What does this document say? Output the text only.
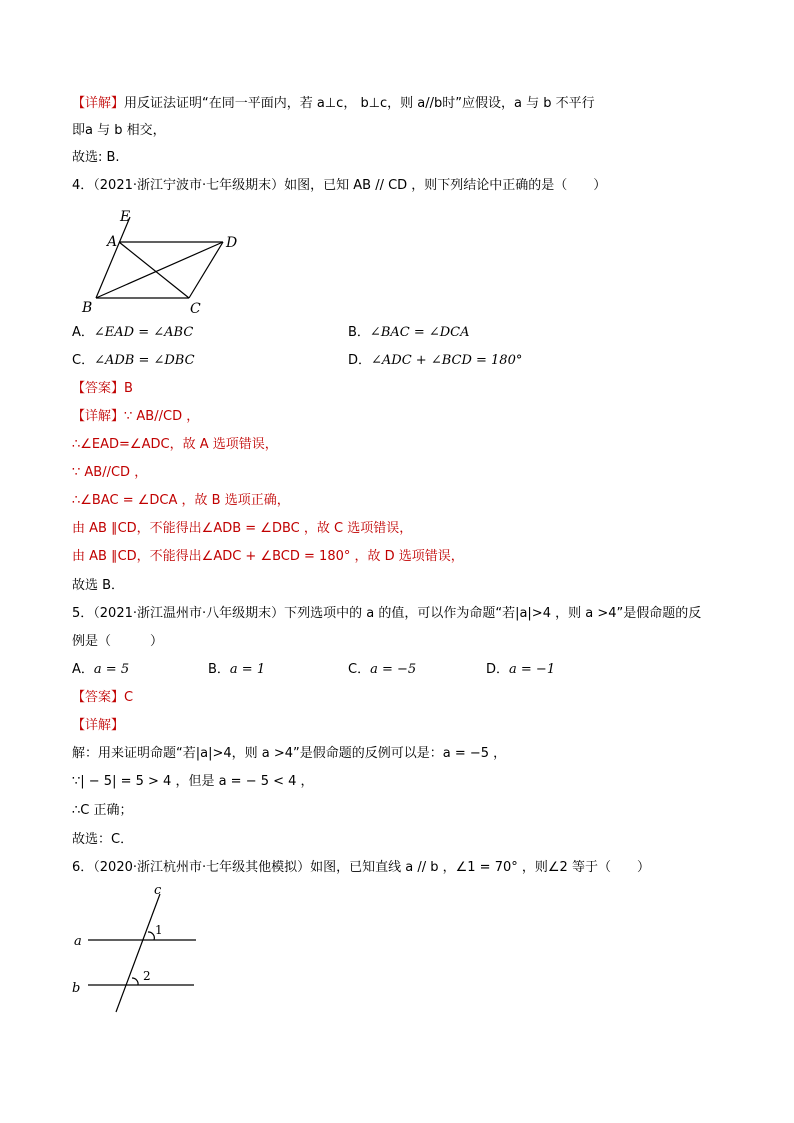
【详解】用反证法证明“在同一平面内，若 a⊥c， b⊥c，则 a//b时”应假设，a 与 b 不平行
即a 与 b 相交，
故选: B.
4．（2021·浙江宁波市·七年级期末）如图，已知 AB // CD ，则下列结论中正确的是（　　）
E
A	D
B	C
A．∠EAD = ∠ABC	B．∠BAC = ∠DCA
C．∠ADB = ∠DBC	D．∠ADC + ∠BCD = 180°
【答案】B
【详解】∵ AB//CD ，
∴∠EAD=∠ADC，故 A 选项错误，
∵ AB//CD ，
∴∠BAC = ∠DCA ，故 B 选项正确，
由 AB ∥CD，不能得出∠ADB = ∠DBC ，故 C 选项错误，
由 AB ∥CD，不能得出∠ADC + ∠BCD = 180° ，故 D 选项错误，
故选 B．
5．（2021·浙江温州市·八年级期末）下列选项中的 a 的值，可以作为命题“若|a|>4 ，则 a >4”是假命题的反
例是（　　　）
A．a = 5	B．a = 1	C．a = −5	D．a = −1
【答案】C
【详解】
解：用来证明命题“若|a|>4，则 a >4”是假命题的反例可以是：a = −5 ，
∵| − 5| = 5 > 4 ，但是 a = − 5 < 4 ，
∴C 正确；
故选：C．
6．（2020·浙江杭州市·七年级其他模拟）如图，已知直线 a // b ，∠1 = 70° ，则∠2 等于（　　）
c
a
b
1
2
